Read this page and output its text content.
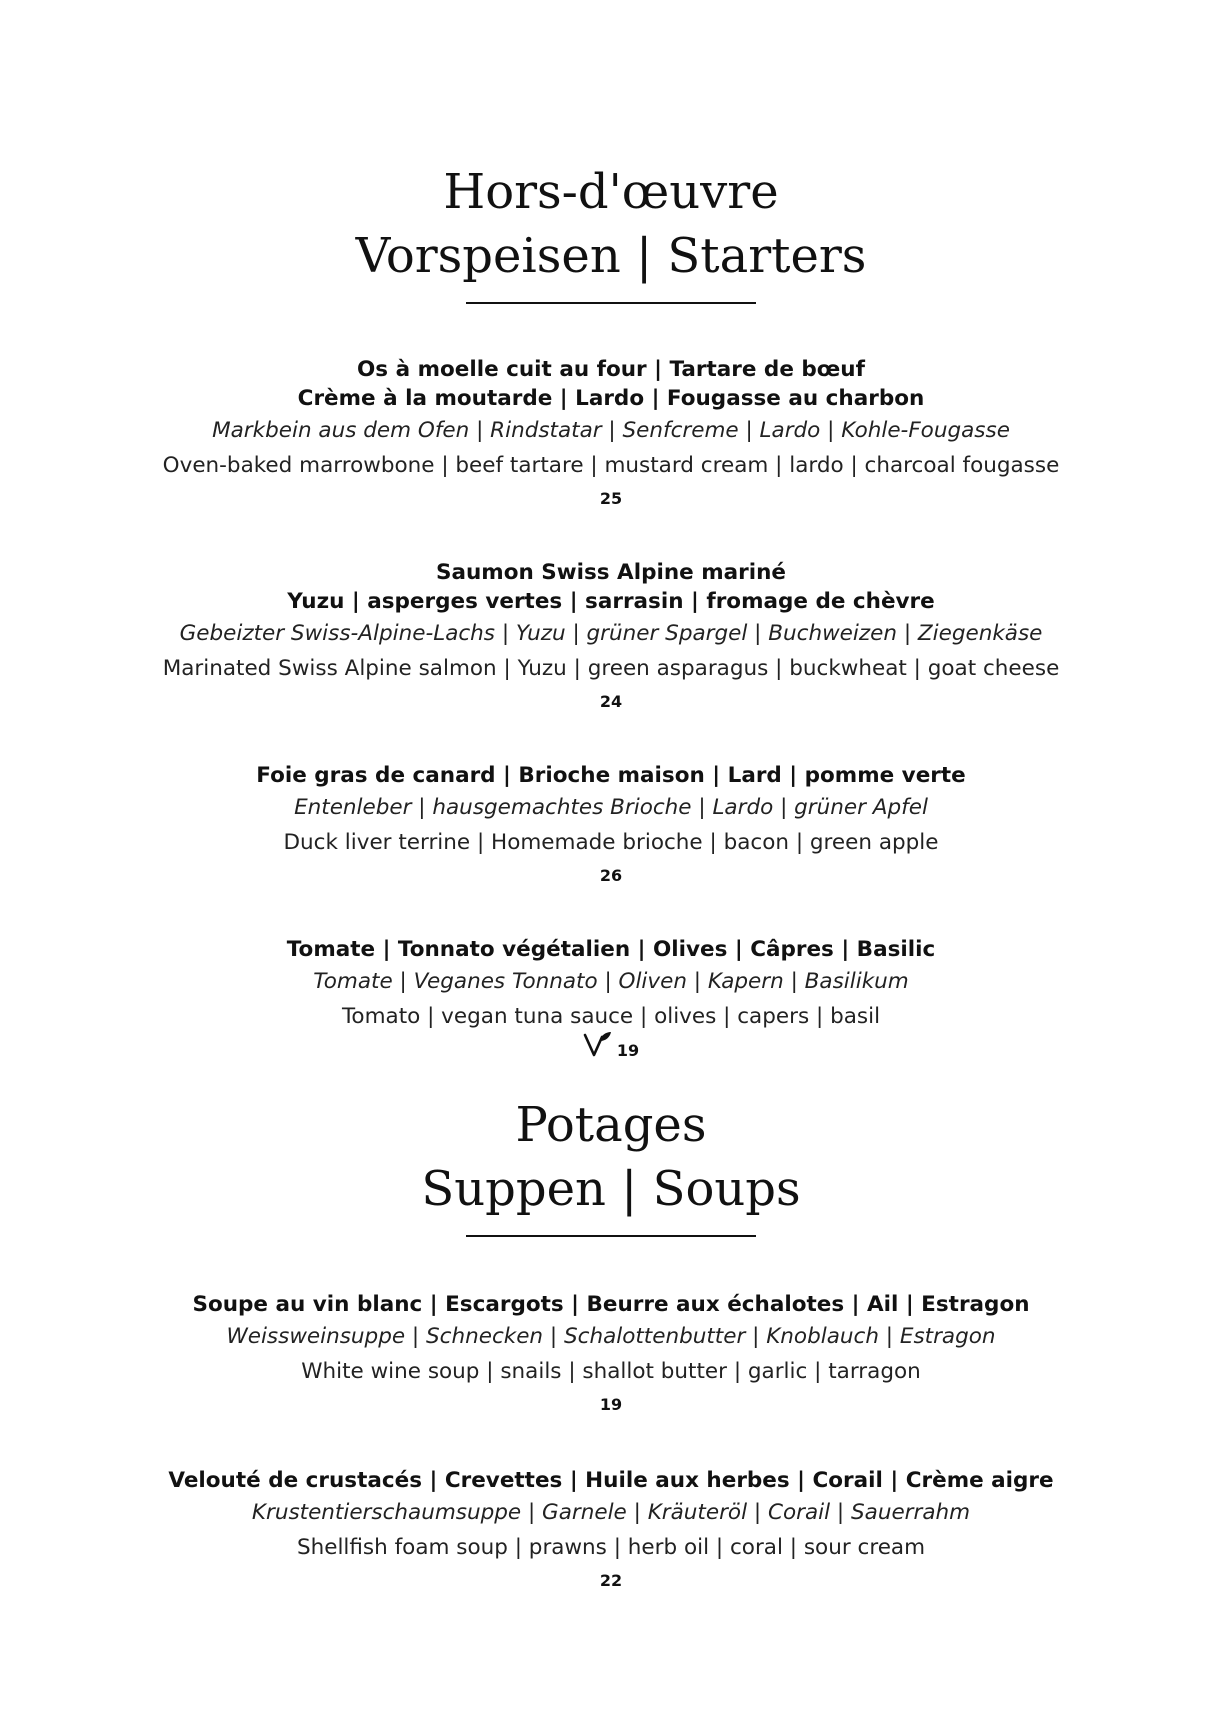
Hors-d'œuvre
Vorspeisen | Starters

Os à moelle cuit au four | Tartare de bœuf

Crème à la moutarde | Lardo | Fougasse au charbon

Markbein aus dem Ofen | Rindstatar | Senfcreme | Lardo | Kohle-Fougasse

Oven-baked marrowbone | beef tartare | mustard cream | lardo | charcoal fougasse

25

Saumon Swiss Alpine mariné

Yuzu | asperges vertes | sarrasin | fromage de chèvre

Gebeizter Swiss-Alpine-Lachs | Yuzu | grüner Spargel | Buchweizen | Ziegenkäse

Marinated Swiss Alpine salmon | Yuzu | green asparagus | buckwheat | goat cheese

24

Foie gras de canard | Brioche maison | Lard | pomme verte

Entenleber | hausgemachtes Brioche | Lardo | grüner Apfel

Duck liver terrine | Homemade brioche | bacon | green apple

26

Tomate | Tonnato végétalien | Olives | Câpres | Basilic

Tomate | Veganes Tonnato | Oliven | Kapern | Basilikum

Tomato | vegan tuna sauce | olives | capers | basil

19

Potages
Suppen | Soups

Soupe au vin blanc | Escargots | Beurre aux échalotes | Ail | Estragon

Weissweinsuppe | Schnecken | Schalottenbutter | Knoblauch | Estragon

White wine soup | snails | shallot butter | garlic | tarragon

19

Velouté de crustacés | Crevettes | Huile aux herbes | Corail | Crème aigre

Krustentierschaumsuppe | Garnele | Kräuteröl | Corail | Sauerrahm

Shellfish foam soup | prawns | herb oil | coral | sour cream

22
